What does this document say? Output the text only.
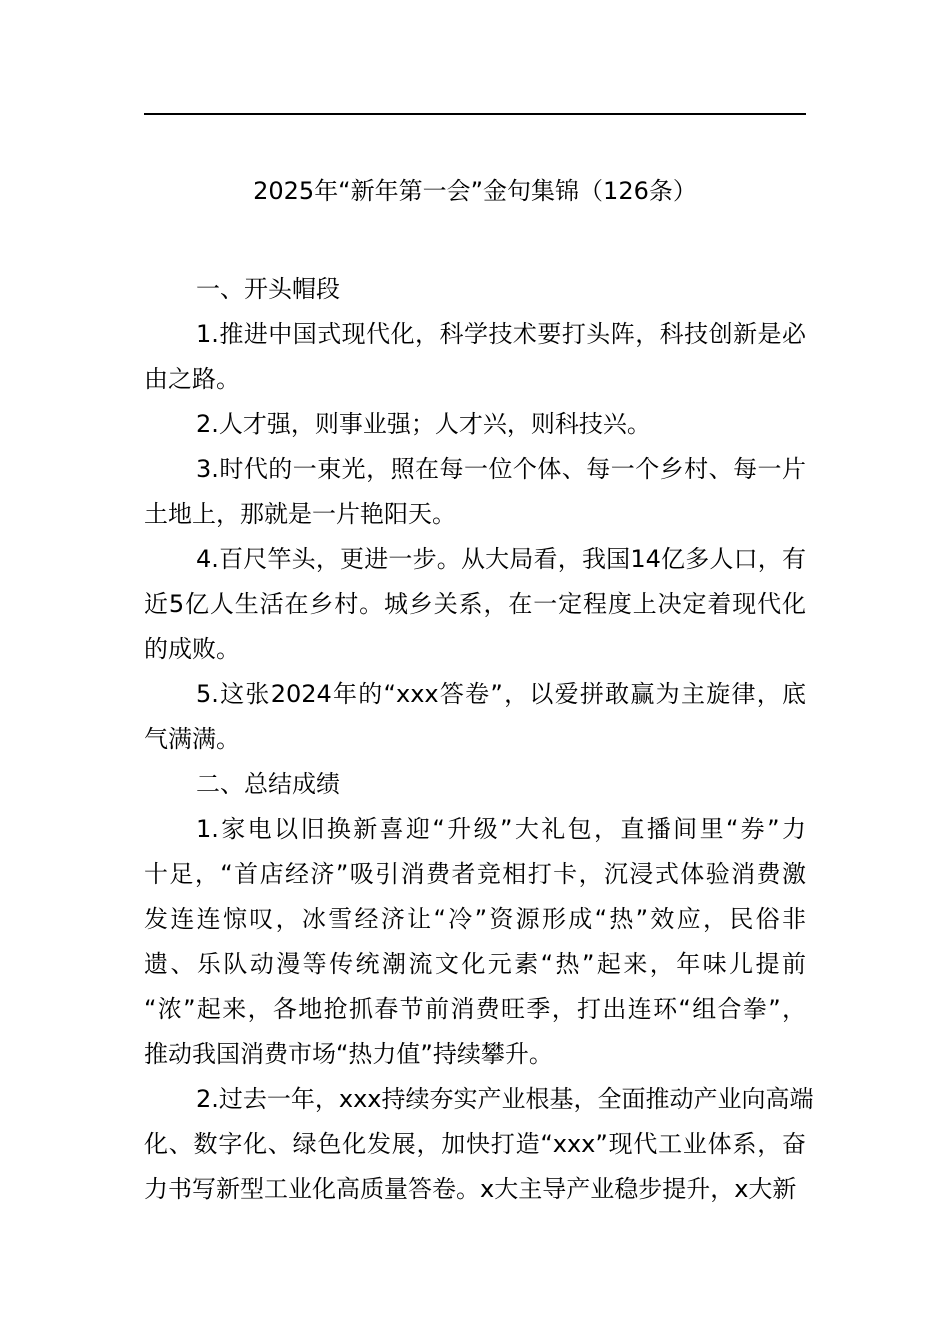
2025年“新年第一会”金句集锦（126条）
一、开头帽段
1.推进中国式现代化，科学技术要打头阵，科技创新是必
由之路。
2.人才强，则事业强；人才兴，则科技兴。
3.时代的一束光，照在每一位个体、每一个乡村、每一片
土地上，那就是一片艳阳天。
4.百尺竿头，更进一步。从大局看，我国14亿多人口，有
近5亿人生活在乡村。城乡关系，在一定程度上决定着现代化
的成败。
5.这张2024年的“xxx答卷”，以爱拼敢赢为主旋律，底
气满满。
二、总结成绩
1.家电以旧换新喜迎“升级”大礼包，直播间里“券”力
十足，“首店经济”吸引消费者竞相打卡，沉浸式体验消费激
发连连惊叹，冰雪经济让“冷”资源形成“热”效应，民俗非
遗、乐队动漫等传统潮流文化元素“热”起来，年味儿提前
“浓”起来，各地抢抓春节前消费旺季，打出连环“组合拳”，
推动我国消费市场“热力值”持续攀升。
2.过去一年，xxx持续夯实产业根基，全面推动产业向高端
化、数字化、绿色化发展，加快打造“xxx”现代工业体系，奋
力书写新型工业化高质量答卷。x大主导产业稳步提升，x大新
